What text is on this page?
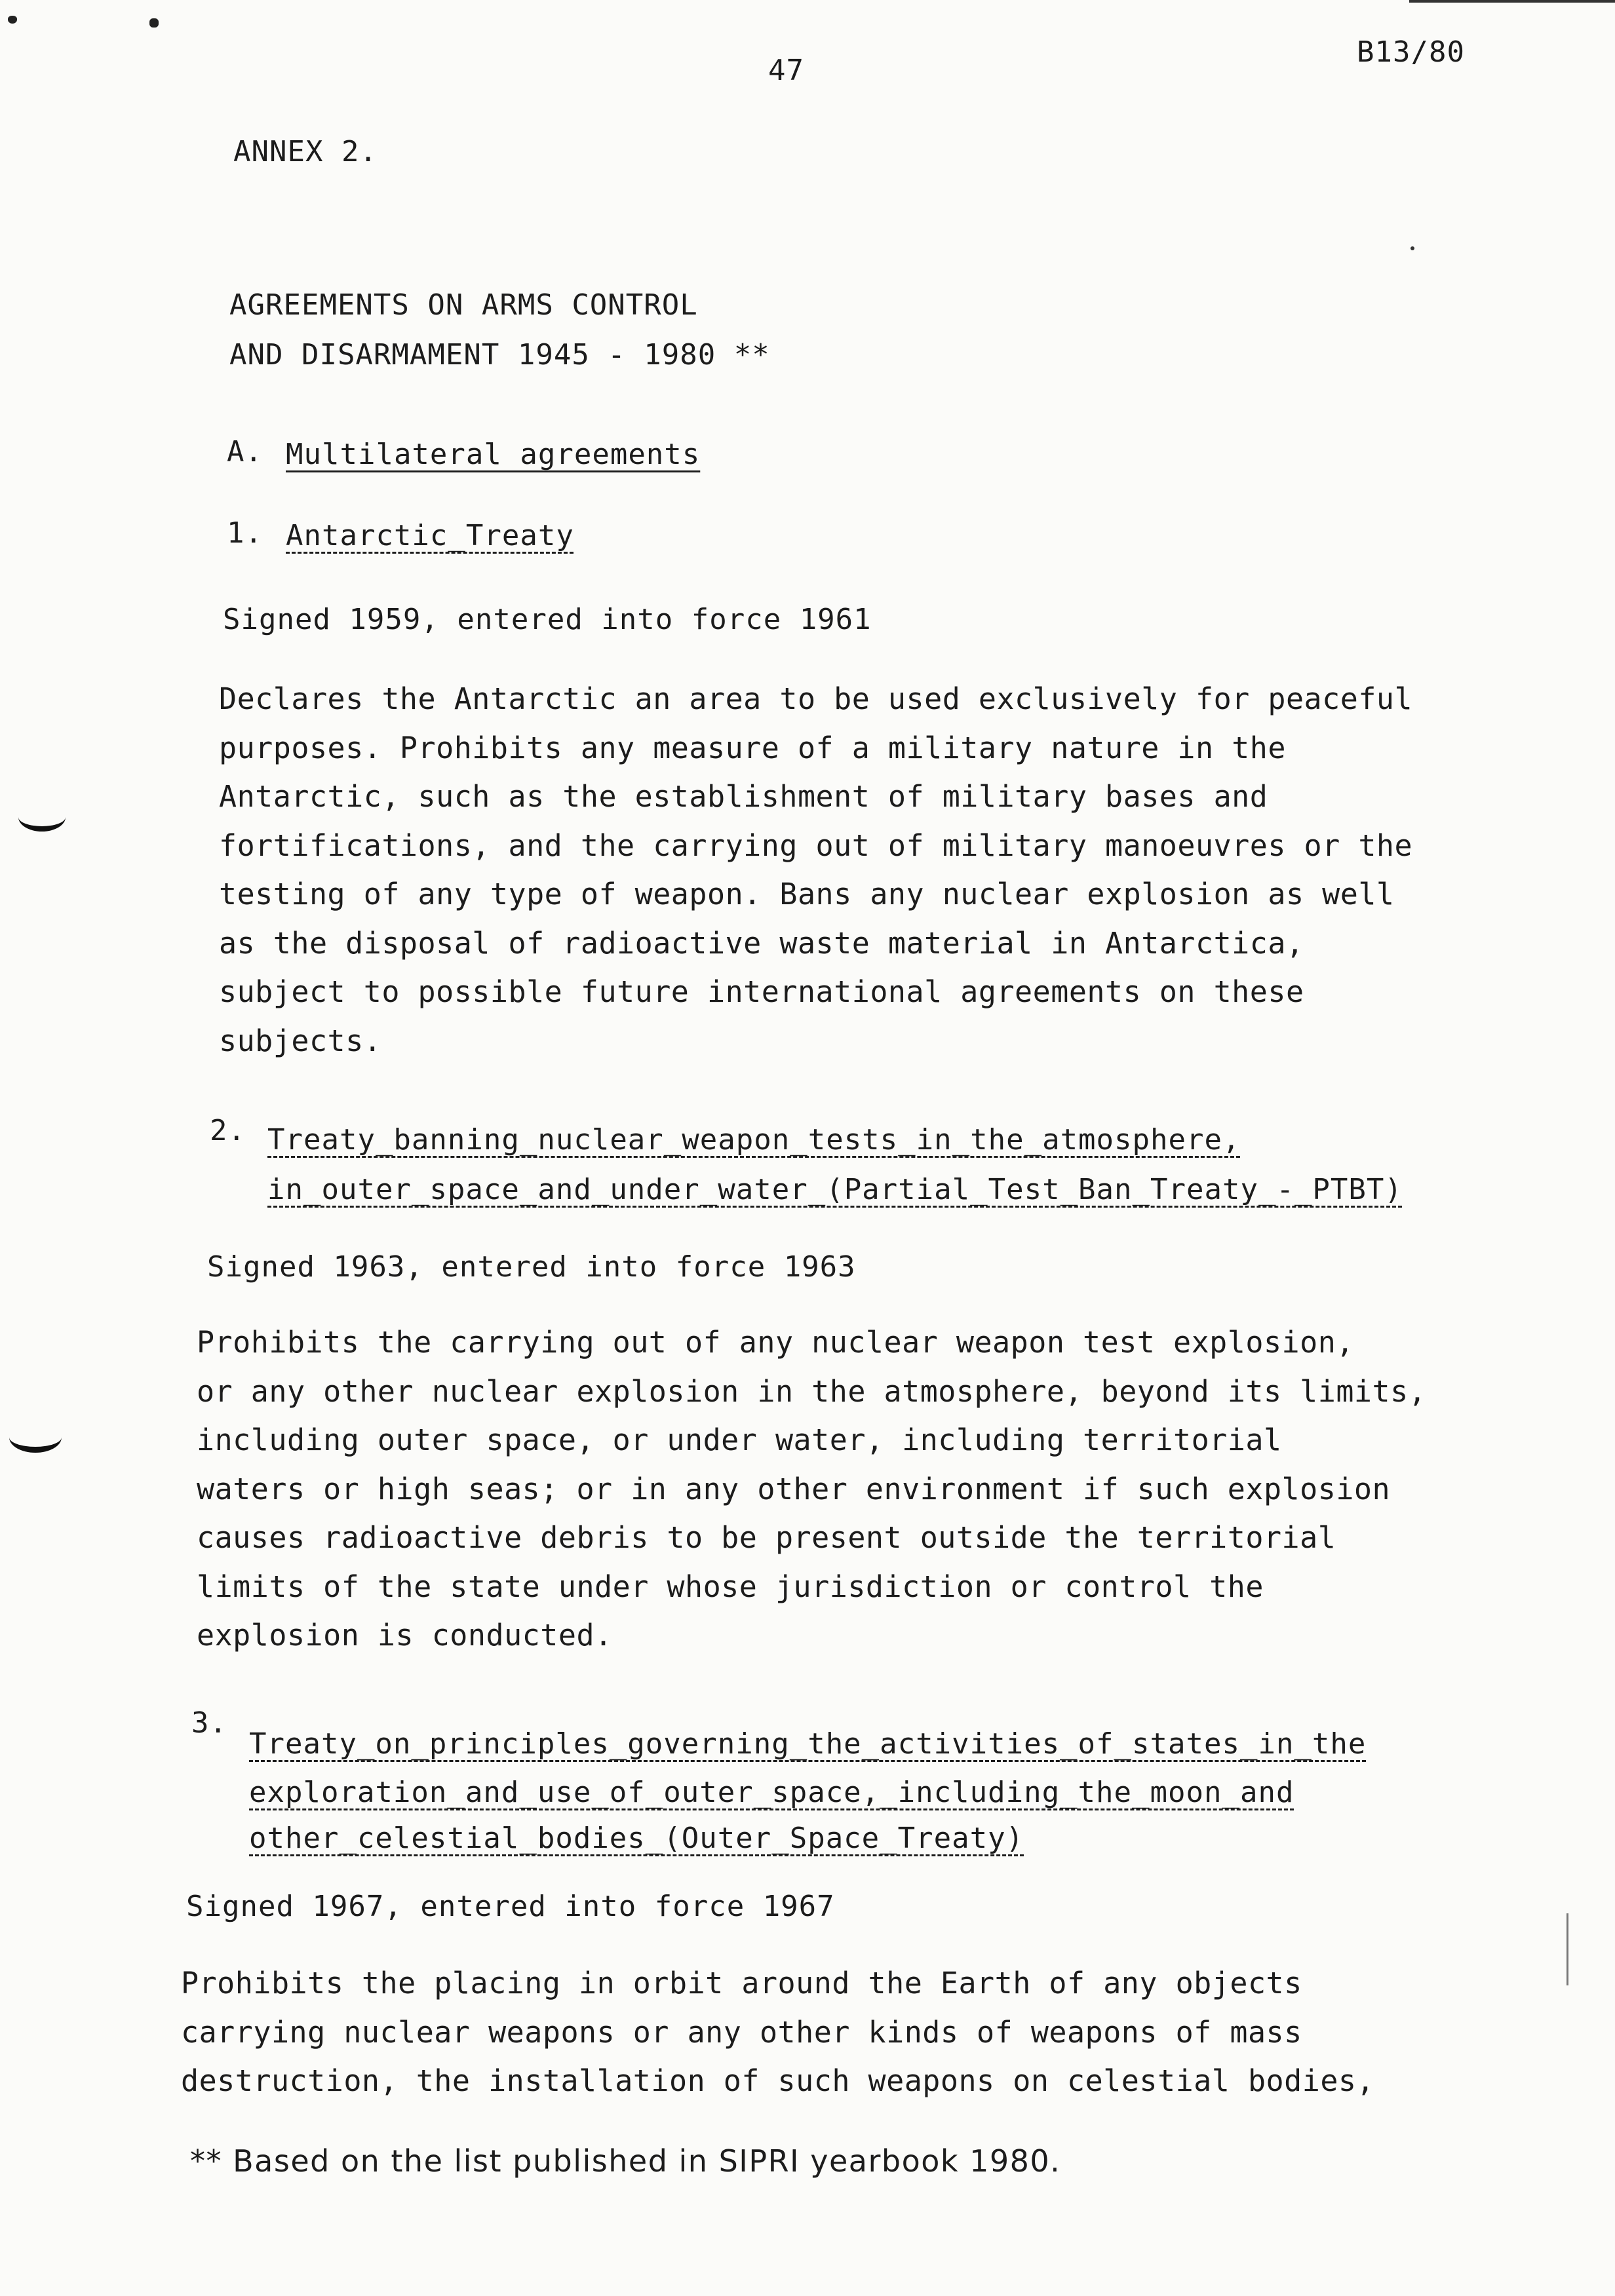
47
B13/80
ANNEX 2.
AGREEMENTS ON ARMS CONTROL
AND DISARMAMENT 1945 - 1980 **
A. Multilateral agreements
1. Antarctic_Treaty
Signed 1959, entered into force 1961
Declares the Antarctic an area to be used exclusively for peaceful
purposes. Prohibits any measure of a military nature in the
Antarctic, such as the establishment of military bases and
fortifications, and the carrying out of military manoeuvres or the
testing of any type of weapon. Bans any nuclear explosion as well
as the disposal of radioactive waste material in Antarctica,
subject to possible future international agreements on these
subjects.
2. Treaty_banning_nuclear_weapon_tests_in_the_atmosphere,
in_outer_space_and_under_water_(Partial_Test_Ban_Treaty_-_PTBT)
Signed 1963, entered into force 1963
Prohibits the carrying out of any nuclear weapon test explosion,
or any other nuclear explosion in the atmosphere, beyond its limits,
including outer space, or under water, including territorial
waters or high seas; or in any other environment if such explosion
causes radioactive debris to be present outside the territorial
limits of the state under whose jurisdiction or control the
explosion is conducted.
3.
Treaty_on_principles_governing_the_activities_of_states_in_the
exploration_and_use_of_outer_space,_including_the_moon_and
other_celestial_bodies_(Outer_Space_Treaty)
Signed 1967, entered into force 1967
Prohibits the placing in orbit around the Earth of any objects
carrying nuclear weapons or any other kinds of weapons of mass
destruction, the installation of such weapons on celestial bodies,
** Based on the list published in SIPRI yearbook 1980.
